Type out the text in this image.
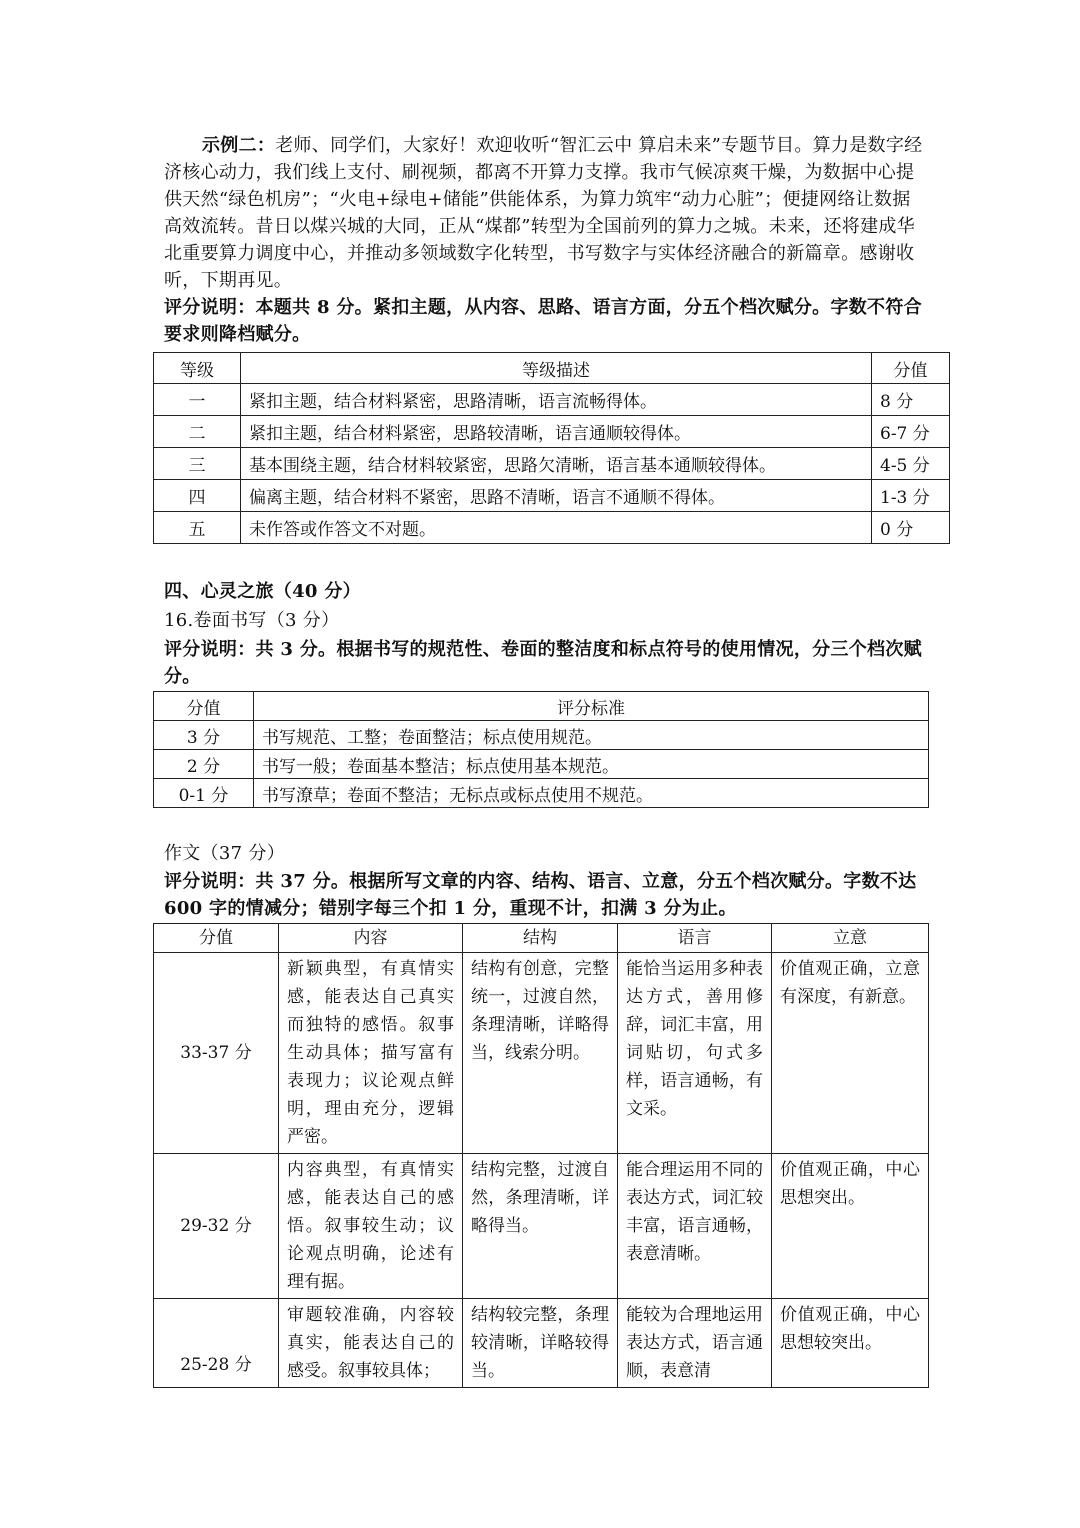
示例二：老师、同学们，大家好！欢迎收听“智汇云中 算启未来”专题节目。算力是数字经济核心动力，我们线上支付、刷视频，都离不开算力支撑。我市气候凉爽干燥，为数据中心提供天然“绿色机房”；“火电+绿电+储能”供能体系，为算力筑牢“动力心脏”；便捷网络让数据高效流转。昔日以煤兴城的大同，正从“煤都”转型为全国前列的算力之城。未来，还将建成华北重要算力调度中心，并推动多领域数字化转型，书写数字与实体经济融合的新篇章。感谢收听，下期再见。
评分说明：本题共 8 分。紧扣主题，从内容、思路、语言方面，分五个档次赋分。字数不符合要求则降档赋分。
等级	等级描述	分值
一	紧扣主题，结合材料紧密，思路清晰，语言流畅得体。	8 分
二	紧扣主题，结合材料紧密，思路较清晰，语言通顺较得体。	6-7 分
三	基本围绕主题，结合材料较紧密，思路欠清晰，语言基本通顺较得体。	4-5 分
四	偏离主题，结合材料不紧密，思路不清晰，语言不通顺不得体。	1-3 分
五	未作答或作答文不对题。	0 分
四、心灵之旅（40 分）
16.卷面书写（3 分）
评分说明：共 3 分。根据书写的规范性、卷面的整洁度和标点符号的使用情况，分三个档次赋分。
分值	评分标准
3 分	书写规范、工整；卷面整洁；标点使用规范。
2 分	书写一般；卷面基本整洁；标点使用基本规范。
0-1 分	书写潦草；卷面不整洁；无标点或标点使用不规范。
作文（37 分）
评分说明：共 37 分。根据所写文章的内容、结构、语言、立意，分五个档次赋分。字数不达 600 字的情减分；错别字每三个扣 1 分，重现不计，扣满 3 分为止。
分值	内容	结构	语言	立意
33-37 分	新颖典型，有真情实感，能表达自己真实而独特的感悟。叙事生动具体；描写富有表现力；议论观点鲜明，理由充分，逻辑严密。	结构有创意，完整统一，过渡自然，条理清晰，详略得当，线索分明。	能恰当运用多种表达方式，善用修辞，词汇丰富，用词贴切，句式多样，语言通畅，有文采。	价值观正确，立意有深度，有新意。
29-32 分	内容典型，有真情实感，能表达自己的感悟。叙事较生动；议论观点明确，论述有理有据。	结构完整，过渡自然，条理清晰，详略得当。	能合理运用不同的表达方式，词汇较丰富，语言通畅，表意清晰。	价值观正确，中心思想突出。
25-28 分	审题较准确，内容较真实，能表达自己的感受。叙事较具体；	结构较完整，条理较清晰，详略较得当。	能较为合理地运用表达方式，语言通顺，表意清	价值观正确，中心思想较突出。
